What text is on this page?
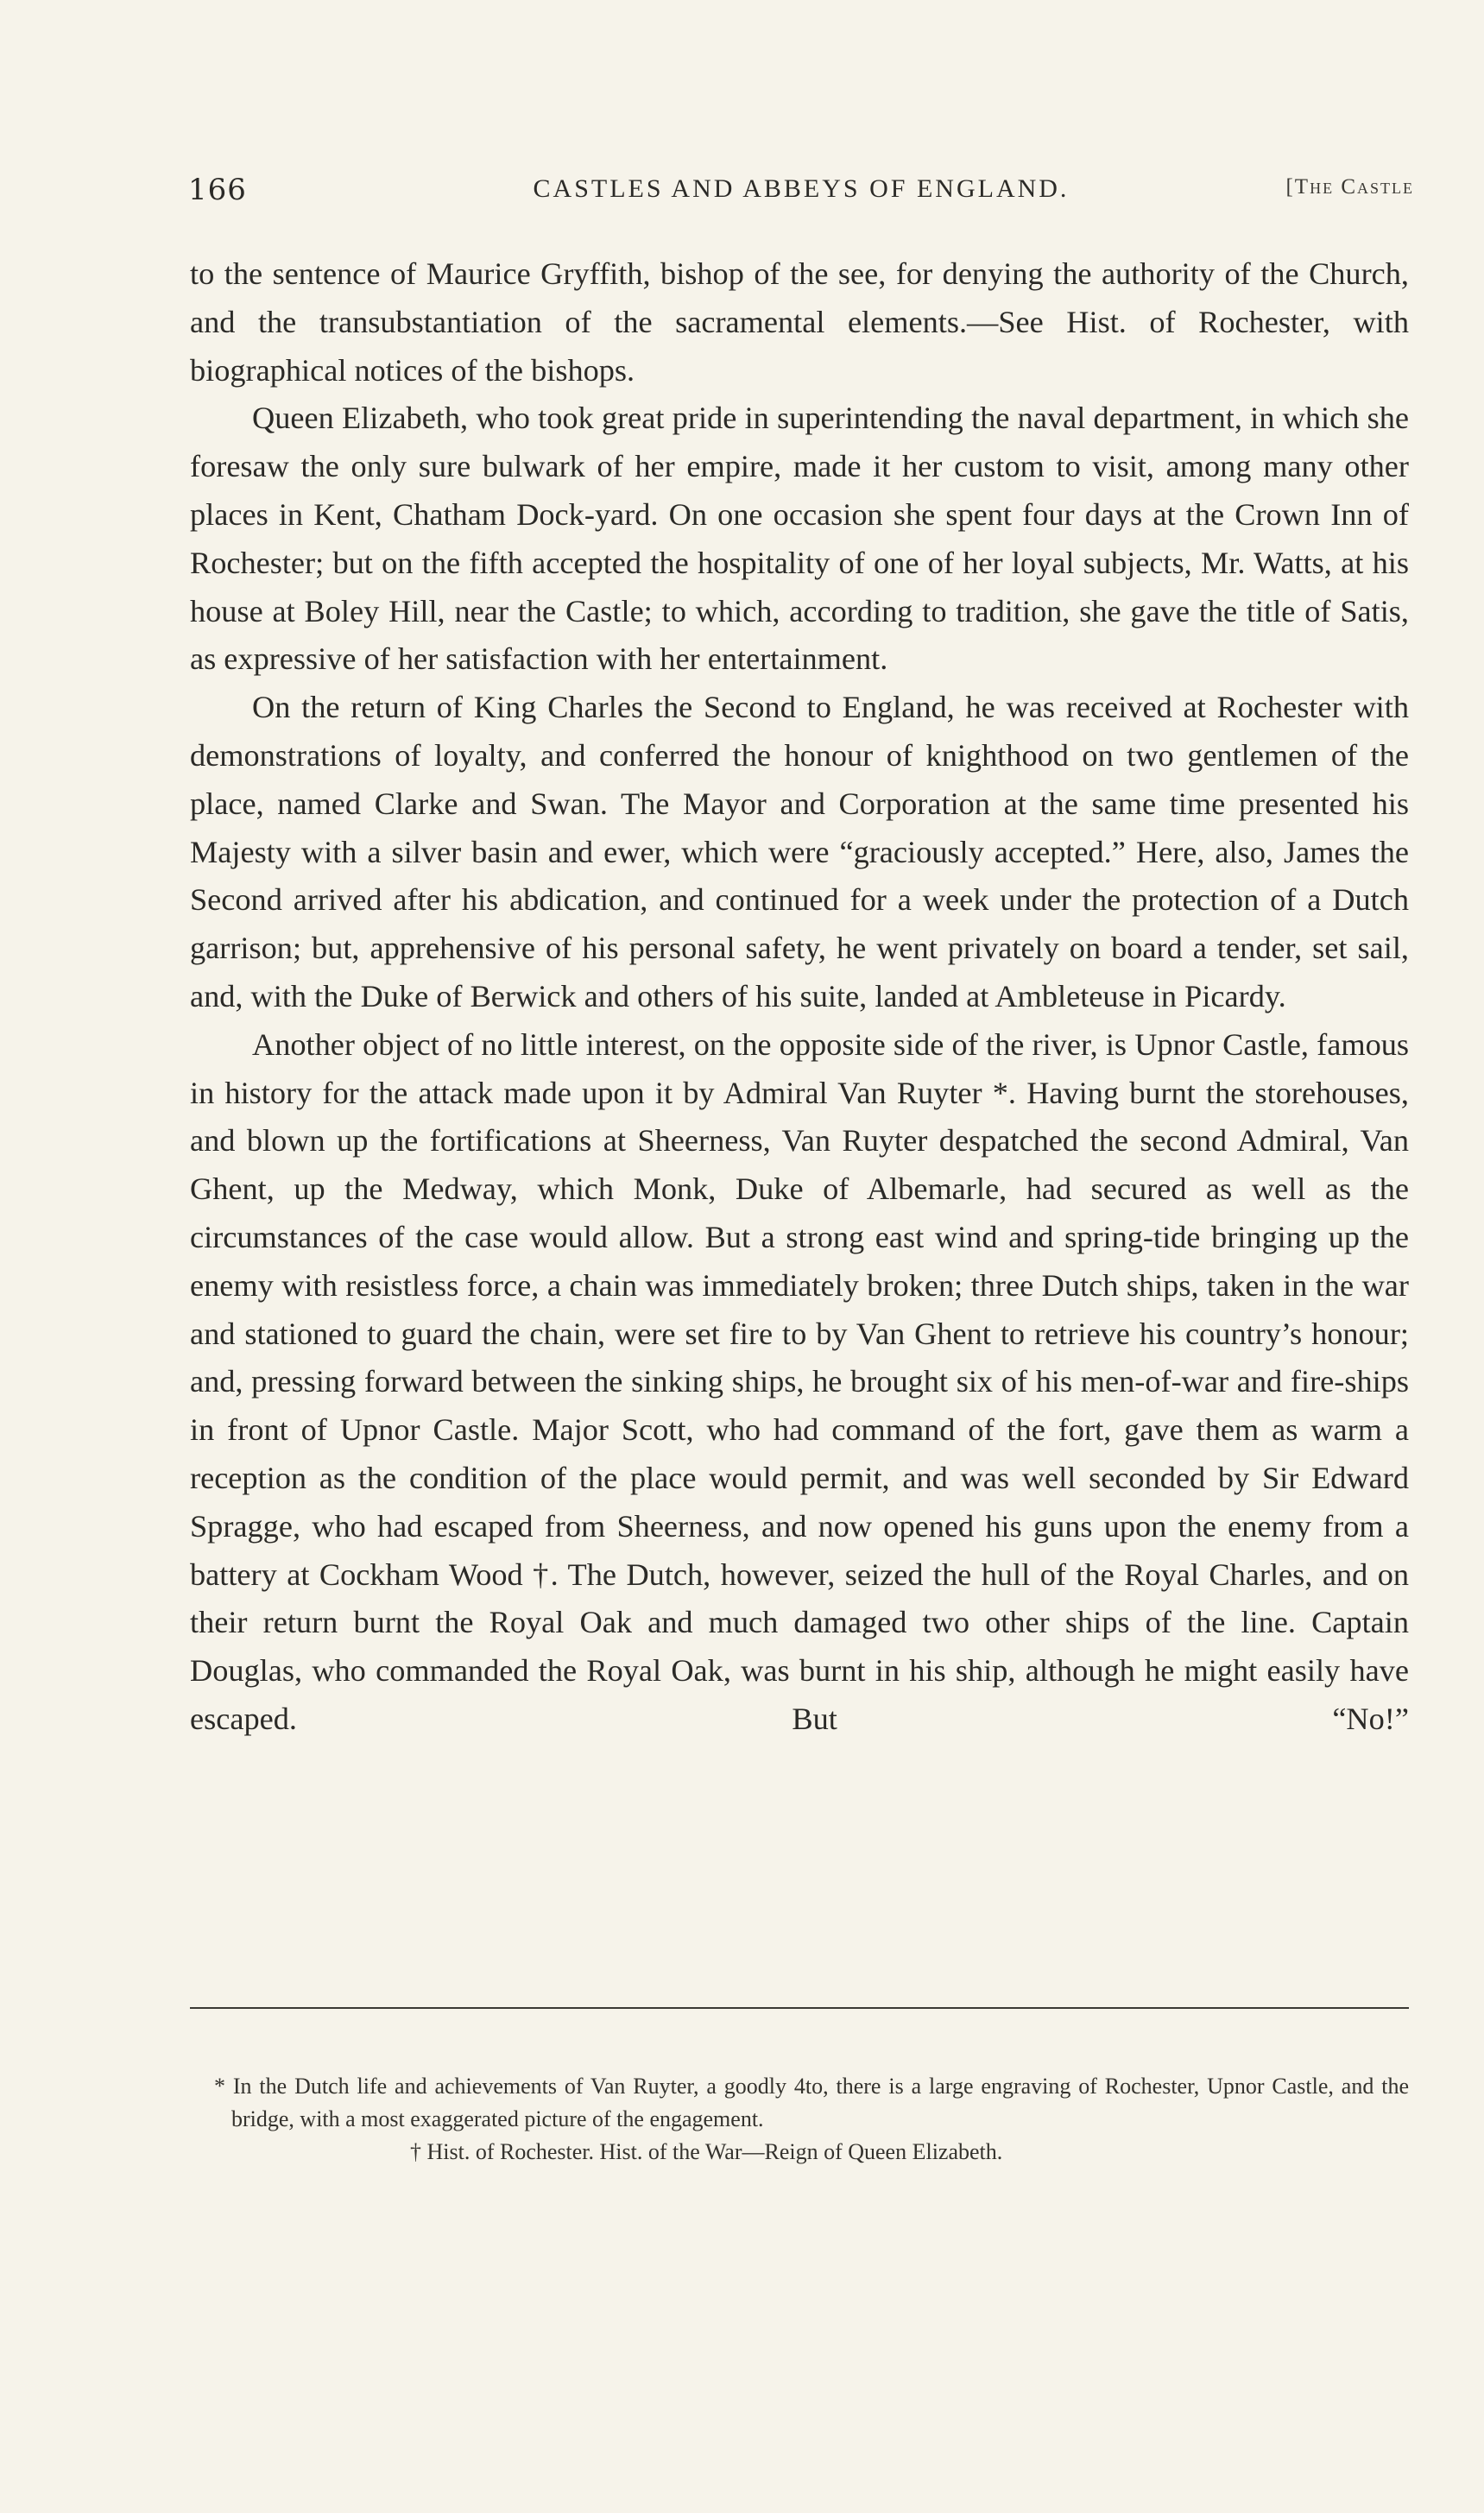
166	CASTLES AND ABBEYS OF ENGLAND.	[The Castle

to the sentence of Maurice Gryffith, bishop of the see, for denying the authority of the Church, and the transubstantiation of the sacramental elements.—See Hist. of Rochester, with biographical notices of the bishops.

Queen Elizabeth, who took great pride in superintending the naval department, in which she foresaw the only sure bulwark of her empire, made it her custom to visit, among many other places in Kent, Chatham Dock-yard. On one occasion she spent four days at the Crown Inn of Rochester; but on the fifth accepted the hospitality of one of her loyal subjects, Mr. Watts, at his house at Boley Hill, near the Castle; to which, according to tradition, she gave the title of Satis, as expressive of her satisfaction with her entertainment.

On the return of King Charles the Second to England, he was received at Rochester with demonstrations of loyalty, and conferred the honour of knighthood on two gentlemen of the place, named Clarke and Swan. The Mayor and Corporation at the same time presented his Majesty with a silver basin and ewer, which were “graciously accepted.” Here, also, James the Second arrived after his abdication, and continued for a week under the protection of a Dutch garrison; but, apprehensive of his personal safety, he went privately on board a tender, set sail, and, with the Duke of Berwick and others of his suite, landed at Ambleteuse in Picardy.

Another object of no little interest, on the opposite side of the river, is Upnor Castle, famous in history for the attack made upon it by Admiral Van Ruyter *. Having burnt the storehouses, and blown up the fortifications at Sheerness, Van Ruyter despatched the second Admiral, Van Ghent, up the Medway, which Monk, Duke of Albemarle, had secured as well as the circumstances of the case would allow. But a strong east wind and spring-tide bringing up the enemy with resistless force, a chain was immediately broken; three Dutch ships, taken in the war and stationed to guard the chain, were set fire to by Van Ghent to retrieve his country’s honour; and, pressing forward between the sinking ships, he brought six of his men-of-war and fire-ships in front of Upnor Castle. Major Scott, who had command of the fort, gave them as warm a reception as the condition of the place would permit, and was well seconded by Sir Edward Spragge, who had escaped from Sheerness, and now opened his guns upon the enemy from a battery at Cockham Wood †. The Dutch, however, seized the hull of the Royal Charles, and on their return burnt the Royal Oak and much damaged two other ships of the line. Captain Douglas, who commanded the Royal Oak, was burnt in his ship, although he might easily have escaped. But “No!”

* In the Dutch life and achievements of Van Ruyter, a goodly 4to, there is a large engraving of Rochester, Upnor Castle, and the bridge, with a most exaggerated picture of the engagement.

† Hist. of Rochester. Hist. of the War—Reign of Queen Elizabeth.
